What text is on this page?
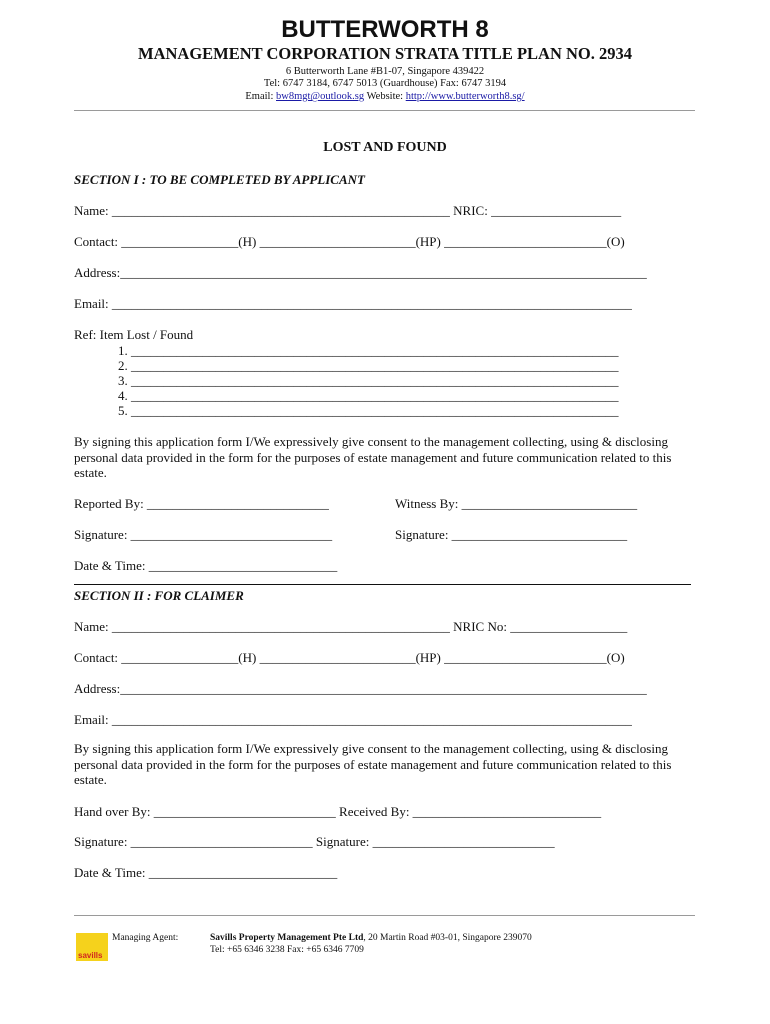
BUTTERWORTH 8
MANAGEMENT CORPORATION STRATA TITLE PLAN NO. 2934
6 Butterworth Lane #B1-07, Singapore 439422
Tel: 6747 3184, 6747 5013 (Guardhouse) Fax: 6747 3194
Email: bw8mgt@outlook.sg Website: http://www.butterworth8.sg/
LOST AND FOUND
SECTION I : TO BE COMPLETED BY APPLICANT
Name: ____________________________________________________ NRIC: ____________________
Contact: __________________(H) ________________________(HP) _________________________(O)
Address:_________________________________________________________________________________
Email: ________________________________________________________________________________
Ref: Item Lost / Found
1. ___________________________________________________________________________
2. ___________________________________________________________________________
3. ___________________________________________________________________________
4. ___________________________________________________________________________
5. ___________________________________________________________________________
By signing this application form I/We expressively give consent to the management collecting, using & disclosing personal data provided in the form for the purposes of estate management and future communication related to this estate.
Reported By: ____________________________	Witness By: ___________________________
Signature: _______________________________	Signature: ___________________________
Date & Time: _____________________________
SECTION II : FOR CLAIMER
Name: ____________________________________________________ NRIC No: __________________
Contact: __________________(H) ________________________(HP) _________________________(O)
Address:_________________________________________________________________________________
Email: ________________________________________________________________________________
By signing this application form I/We expressively give consent to the management collecting, using & disclosing personal data provided in the form for the purposes of estate management and future communication related to this estate.
Hand over By: ____________________________ Received By: _____________________________
Signature: ____________________________ Signature: ____________________________
Date & Time: _____________________________
savills
Managing Agent:	Savills Property Management Pte Ltd, 20 Martin Road #03-01, Singapore 239070
Tel: +65 6346 3238 Fax: +65 6346 7709
